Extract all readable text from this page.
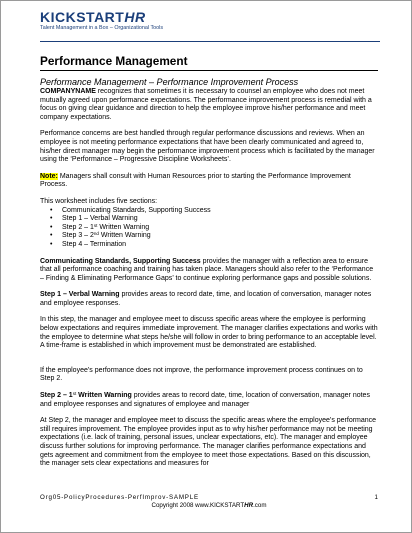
KICKSTARTHR
Talent Management in a Box – Organizational Tools
Performance Management
Performance Management – Performance Improvement Process

COMPANYNAME recognizes that sometimes it is necessary to counsel an employee who does not meet mutually agreed upon performance expectations. The performance improvement process is remedial with a focus on giving clear guidance and direction to help the employee improve his/her performance and meet company expectations.

Performance concerns are best handled through regular performance discussions and reviews. When an employee is not meeting performance expectations that have been clearly communicated and agreed to, his/her direct manager may begin the performance improvement process which is facilitated by the manager using the ‘Performance – Progressive Discipline Worksheets’.

Note: Managers shall consult with Human Resources prior to starting the Performance Improvement Process.

This worksheet includes five sections:

• Communicating Standards, Supporting Success
• Step 1 – Verbal Warning
• Step 2 – 1st Written Warning
• Step 3 – 2nd Written Warning
• Step 4 – Termination

Communicating Standards, Supporting Success provides the manager with a reflection area to ensure that all performance coaching and training has taken place. Managers should also refer to the ‘Performance – Finding & Eliminating Performance Gaps’ to continue exploring performance gaps and possible solutions.

Step 1 – Verbal Warning provides areas to record date, time, and location of conversation, manager notes and employee responses.

In this step, the manager and employee meet to discuss specific areas where the employee is performing below expectations and requires immediate improvement. The manager clarifies expectations and works with the employee to determine what steps he/she will follow in order to bring performance to an acceptable level. A time-frame is established in which improvement must be demonstrated are established.

If the employee’s performance does not improve, the performance improvement process continues on to Step 2.

Step 2 – 1st Written Warning provides areas to record date, time, location of conversation, manager notes and employee responses and signatures of employee and manager

At Step 2, the manager and employee meet to discuss the specific areas where the employee’s performance still requires improvement. The employee provides input as to why his/her performance may not be meeting expectations (i.e. lack of training, personal issues, unclear expectations, etc). The manager and employee discuss further solutions for improving performance. The manager clarifies performance expectations and gets agreement and commitment from the employee to meet those expectations. Based on this discussion, the manager sets clear expectations and measures for

Org05-PolicyProcedures-PerfImprov-SAMPLE	1
Copyright 2008 www.KICKSTARTHR.com
